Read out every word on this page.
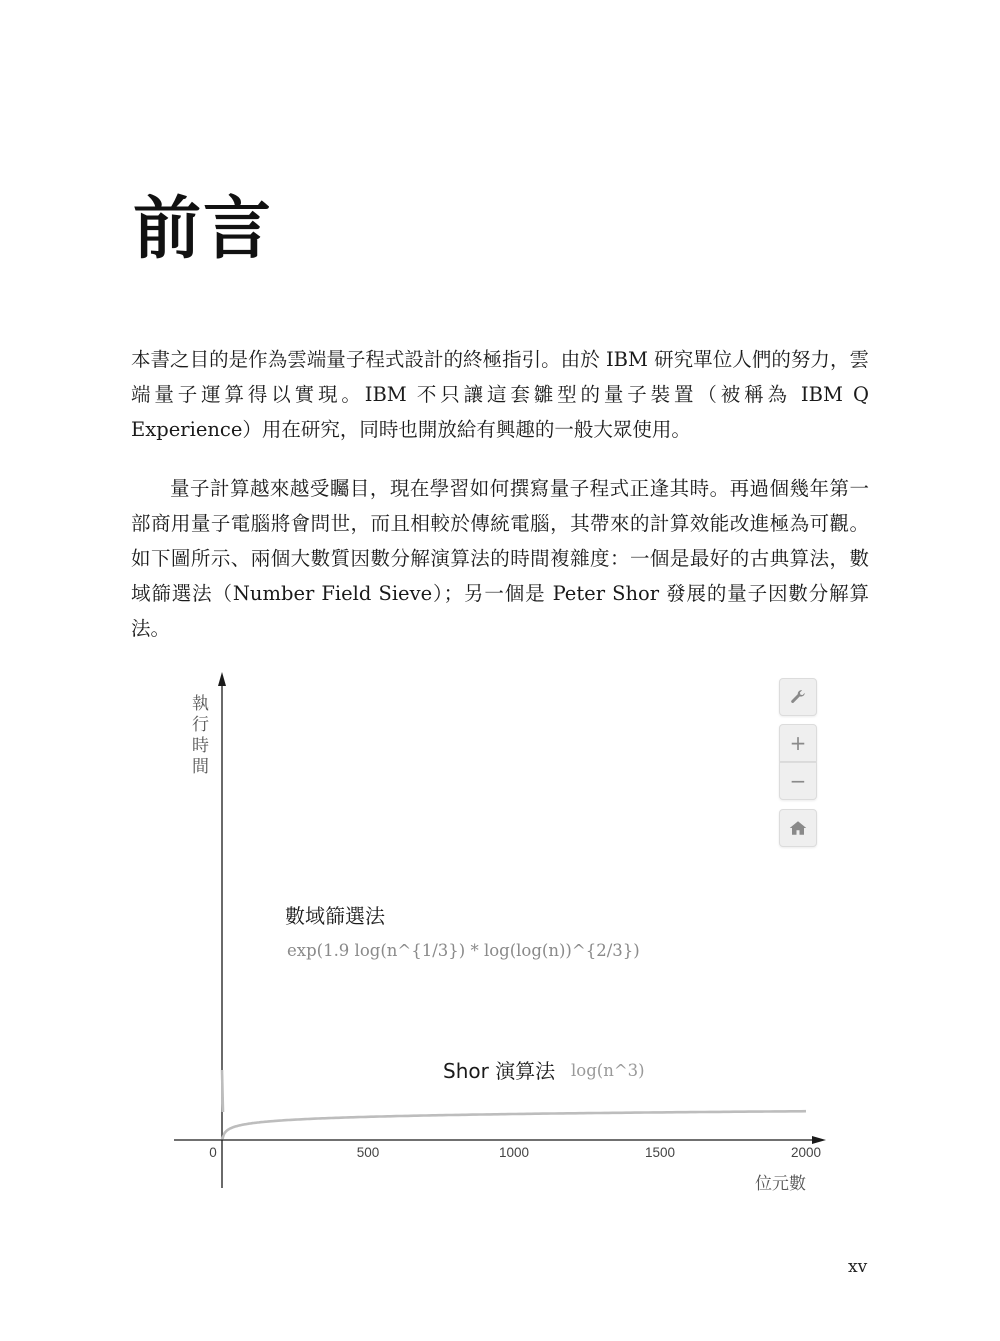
前言

本書之目的是作為雲端量子程式設計的終極指引。由於 IBM 研究單位人們的努力，雲端量子運算得以實現。IBM 不只讓這套雛型的量子裝置（被稱為 IBM Q Experience）用在研究，同時也開放給有興趣的一般大眾使用。

量子計算越來越受矚目，現在學習如何撰寫量子程式正逢其時。再過個幾年第一部商用量子電腦將會問世，而且相較於傳統電腦，其帶來的計算效能改進極為可觀。如下圖所示、兩個大數質因數分解演算法的時間複雜度：一個是最好的古典算法，數域篩選法（Number Field Sieve）；另一個是 Peter Shor 發展的量子因數分解算法。

執行時間
0	500	1000	1500	2000
位元數
數域篩選法
exp(1.9 log(n^{1/3}) * log(log(n))^{2/3})
Shor 演算法 log(n^3)
+
−
xv
